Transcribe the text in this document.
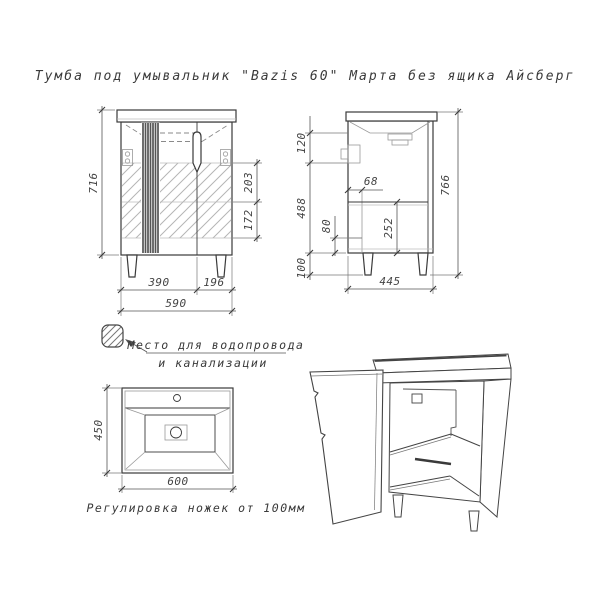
Тумба под умывальник "Bazis 60" Марта без ящика Айсберг
716	203
172
390	196
590
120
488
100
766
68
80	252
445
Место для водопровода
и канализации
450
600
Регулировка ножек от 100мм
